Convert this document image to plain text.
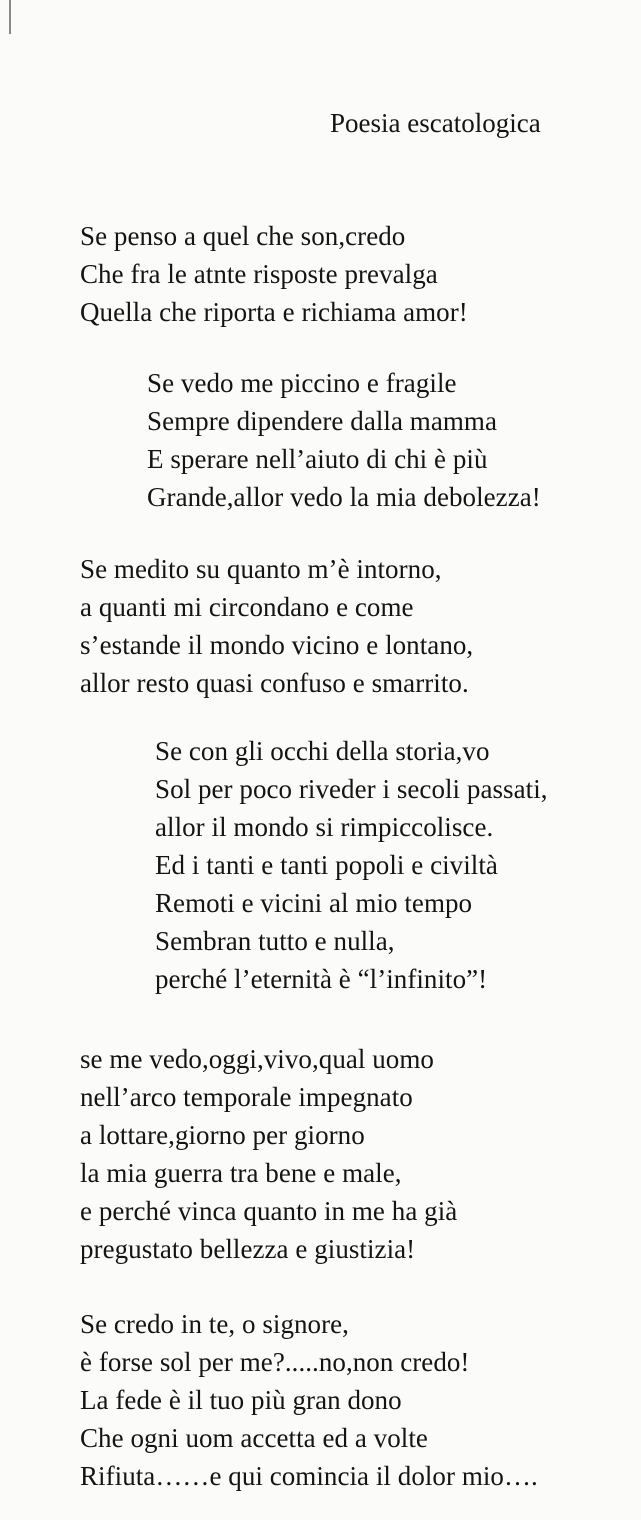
Poesia escatologica
Se penso a quel che son,credo
Che fra le atnte risposte prevalga
Quella che riporta e richiama amor!
Se vedo me piccino e fragile
Sempre dipendere dalla mamma
E sperare nell’aiuto di chi è più
Grande,allor vedo la mia debolezza!
Se medito su quanto m’è intorno,
a quanti mi circondano e come
s’estande il mondo vicino e lontano,
allor resto quasi confuso e smarrito.
Se con gli occhi della storia,vo
Sol per poco riveder i secoli passati,
allor il mondo si rimpiccolisce.
Ed i tanti e tanti popoli e civiltà
Remoti e vicini al mio tempo
Sembran tutto e nulla,
perché l’eternità è “l’infinito”!
se me vedo,oggi,vivo,qual uomo
nell’arco temporale impegnato
a lottare,giorno per giorno
la mia guerra tra bene e male,
e perché vinca quanto in me ha già
pregustato bellezza e giustizia!
Se credo in te, o signore,
è forse sol per me?.....no,non credo!
La fede è il tuo più gran dono
Che ogni uom accetta ed a volte
Rifiuta……e qui comincia il dolor mio….
